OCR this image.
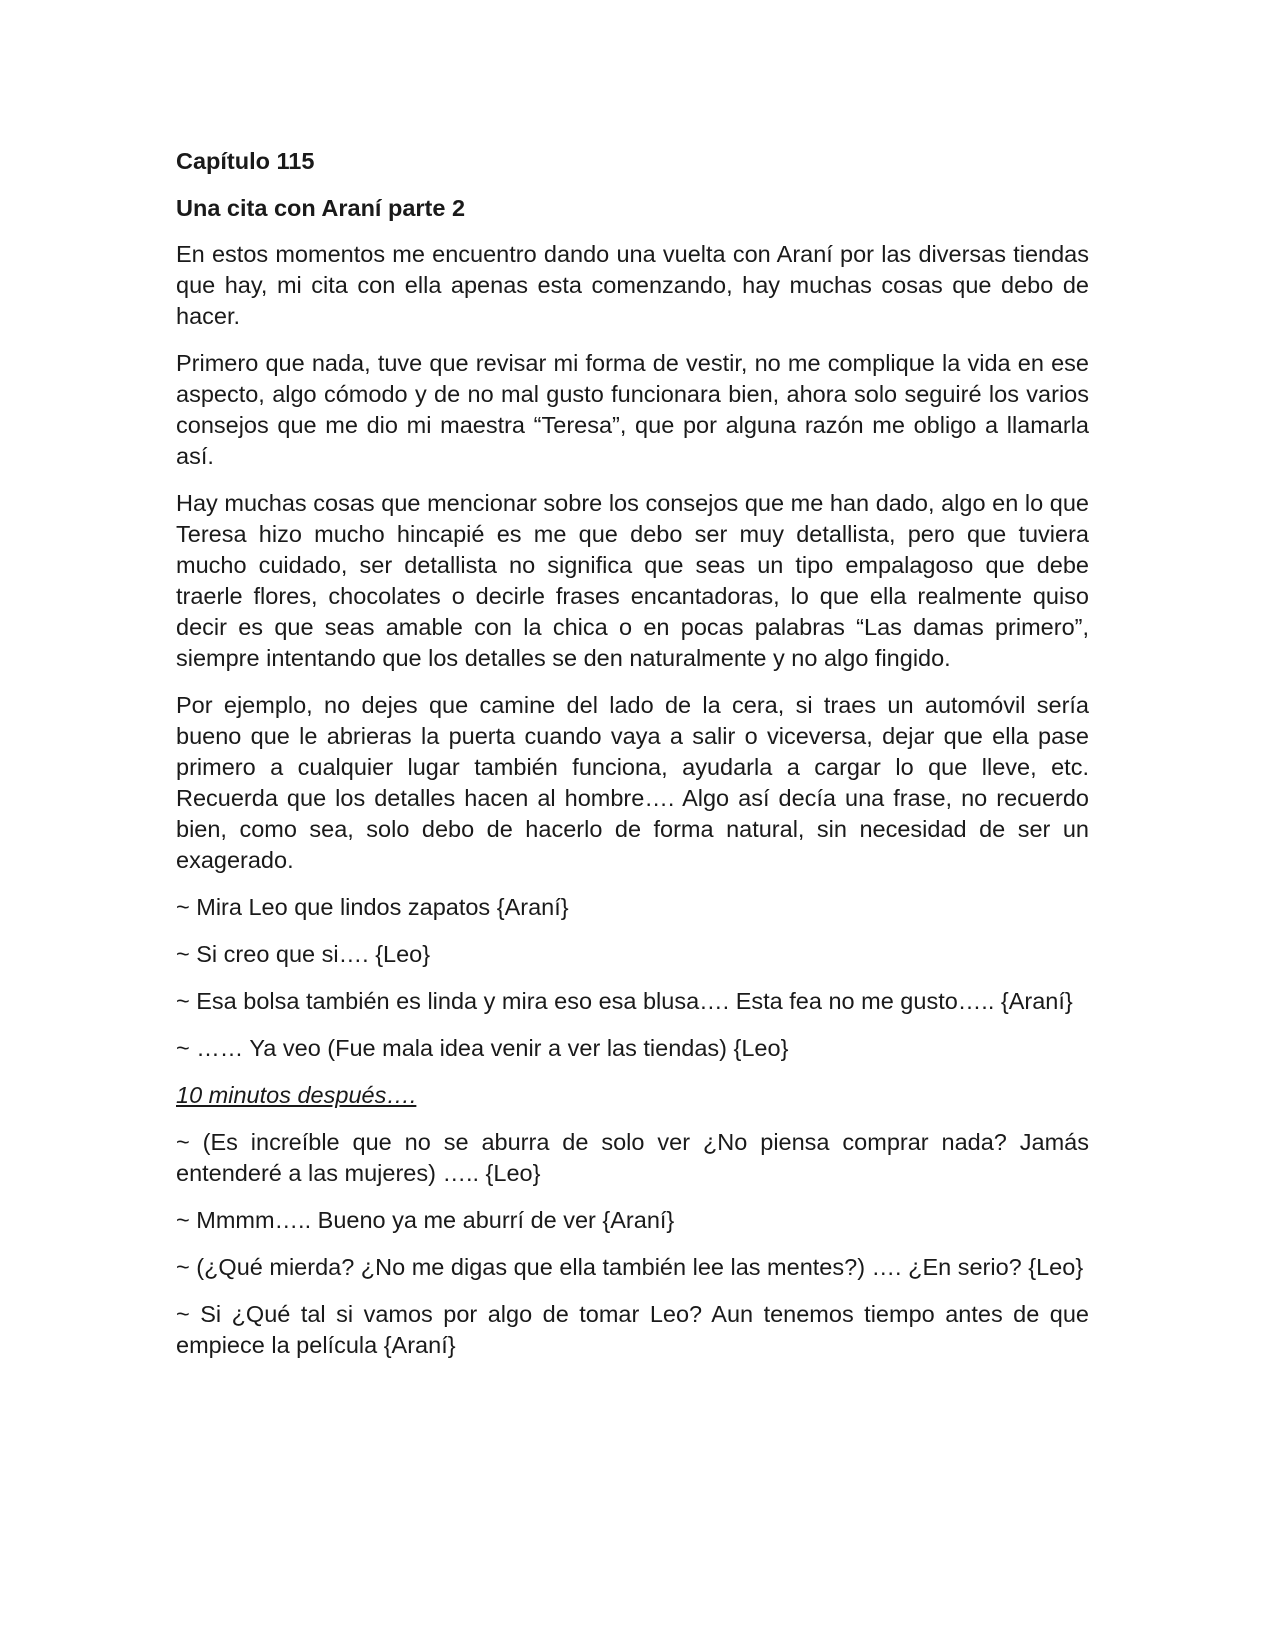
Capítulo 115

Una cita con Araní parte 2

En estos momentos me encuentro dando una vuelta con Araní por las diversas tiendas que hay, mi cita con ella apenas esta comenzando, hay muchas cosas que debo de hacer.

Primero que nada, tuve que revisar mi forma de vestir, no me complique la vida en ese aspecto, algo cómodo y de no mal gusto funcionara bien, ahora solo seguiré los varios consejos que me dio mi maestra “Teresa”, que por alguna razón me obligo a llamarla así.

Hay muchas cosas que mencionar sobre los consejos que me han dado, algo en lo que Teresa hizo mucho hincapié es me que debo ser muy detallista, pero que tuviera mucho cuidado, ser detallista no significa que seas un tipo empalagoso que debe traerle flores, chocolates o decirle frases encantadoras, lo que ella realmente quiso decir es que seas amable con la chica o en pocas palabras “Las damas primero”, siempre intentando que los detalles se den naturalmente y no algo fingido.

Por ejemplo, no dejes que camine del lado de la cera, si traes un automóvil sería bueno que le abrieras la puerta cuando vaya a salir o viceversa, dejar que ella pase primero a cualquier lugar también funciona, ayudarla a cargar lo que lleve, etc. Recuerda que los detalles hacen al hombre…. Algo así decía una frase, no recuerdo bien, como sea, solo debo de hacerlo de forma natural, sin necesidad de ser un exagerado.

~ Mira Leo que lindos zapatos {Araní}

~ Si creo que si…. {Leo}

~ Esa bolsa también es linda y mira eso esa blusa…. Esta fea no me gusto….. {Araní}

~ …… Ya veo (Fue mala idea venir a ver las tiendas) {Leo}

10 minutos después….

~ (Es increíble que no se aburra de solo ver ¿No piensa comprar nada? Jamás entenderé a las mujeres) ….. {Leo}

~ Mmmm….. Bueno ya me aburrí de ver {Araní}

~ (¿Qué mierda? ¿No me digas que ella también lee las mentes?) …. ¿En serio? {Leo}

~ Si ¿Qué tal si vamos por algo de tomar Leo? Aun tenemos tiempo antes de que empiece la película {Araní}
